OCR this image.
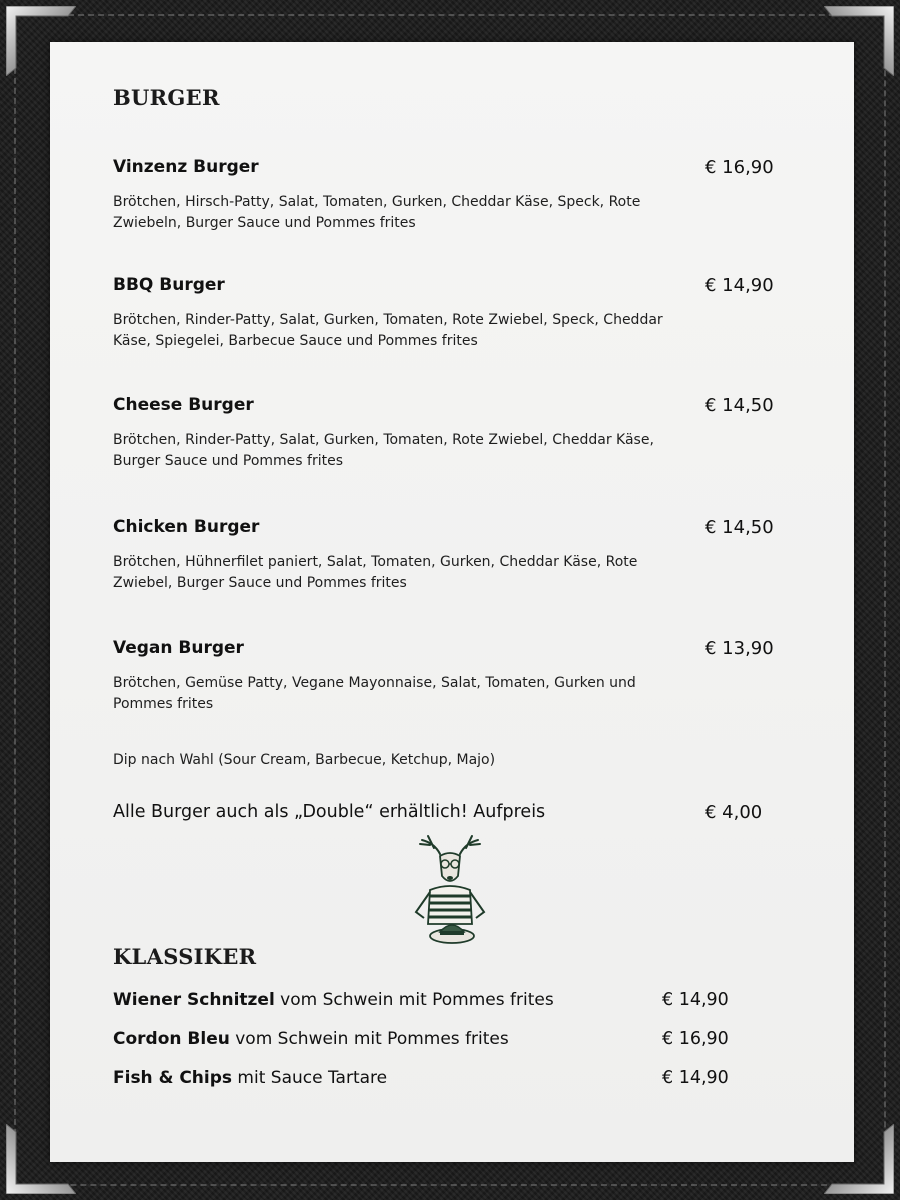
BURGER
Vinzenz Burger	€ 16,90
Brötchen, Hirsch-Patty, Salat, Tomaten, Gurken, Cheddar Käse, Speck, Rote Zwiebeln, Burger Sauce und Pommes frites
BBQ Burger	€ 14,90
Brötchen, Rinder-Patty, Salat, Gurken, Tomaten, Rote Zwiebel, Speck, Cheddar Käse, Spiegelei, Barbecue Sauce und Pommes frites
Cheese Burger	€ 14,50
Brötchen, Rinder-Patty, Salat, Gurken, Tomaten, Rote Zwiebel, Cheddar Käse, Burger Sauce und Pommes frites
Chicken Burger	€ 14,50
Brötchen, Hühnerfilet paniert, Salat, Tomaten, Gurken, Cheddar Käse, Rote Zwiebel, Burger Sauce und Pommes frites
Vegan Burger	€ 13,90
Brötchen, Gemüse Patty, Vegane Mayonnaise, Salat, Tomaten, Gurken und Pommes frites
Dip nach Wahl (Sour Cream, Barbecue, Ketchup, Majo)
Alle Burger auch als „Double“ erhältlich! Aufpreis	€ 4,00
KLASSIKER
Wiener Schnitzel vom Schwein mit Pommes frites	€ 14,90
Cordon Bleu vom Schwein mit Pommes frites	€ 16,90
Fish & Chips mit Sauce Tartare	€ 14,90
